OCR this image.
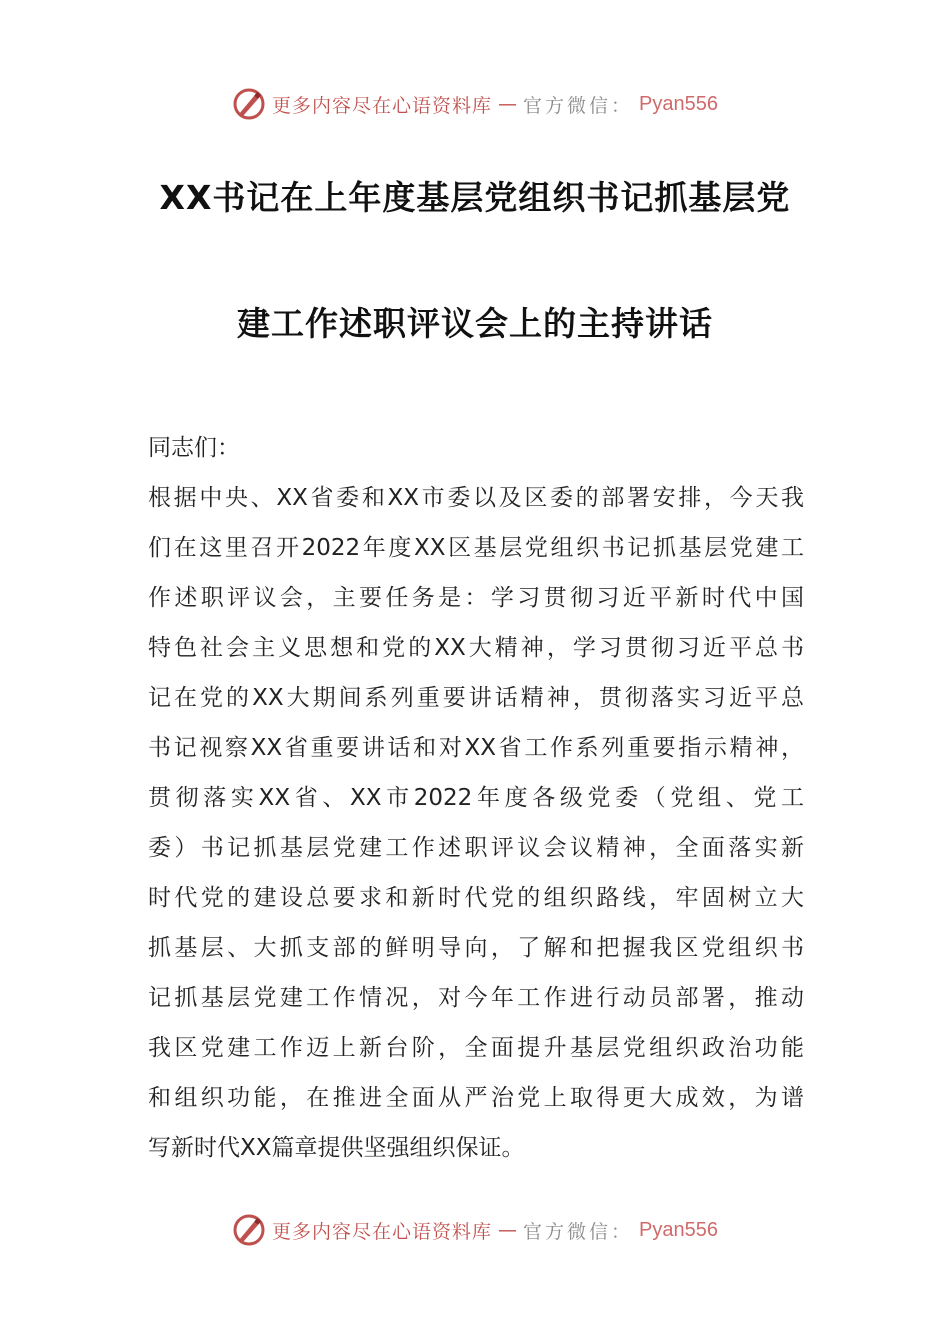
更多内容尽在心语资料库 — 官方微信： Pyan556
XX书记在上年度基层党组织书记抓基层党
建工作述职评议会上的主持讲话
同志们：
根据中央、XX省委和XX市委以及区委的部署安排，今天我
们在这里召开2022年度XX区基层党组织书记抓基层党建工
作述职评议会，主要任务是：学习贯彻习近平新时代中国
特色社会主义思想和党的XX大精神，学习贯彻习近平总书
记在党的XX大期间系列重要讲话精神，贯彻落实习近平总
书记视察XX省重要讲话和对XX省工作系列重要指示精神，
贯彻落实XX省、XX市2022年度各级党委（党组、党工
委）书记抓基层党建工作述职评议会议精神，全面落实新
时代党的建设总要求和新时代党的组织路线，牢固树立大
抓基层、大抓支部的鲜明导向，了解和把握我区党组织书
记抓基层党建工作情况，对今年工作进行动员部署，推动
我区党建工作迈上新台阶，全面提升基层党组织政治功能
和组织功能，在推进全面从严治党上取得更大成效，为谱
写新时代XX篇章提供坚强组织保证。
更多内容尽在心语资料库 — 官方微信： Pyan556
